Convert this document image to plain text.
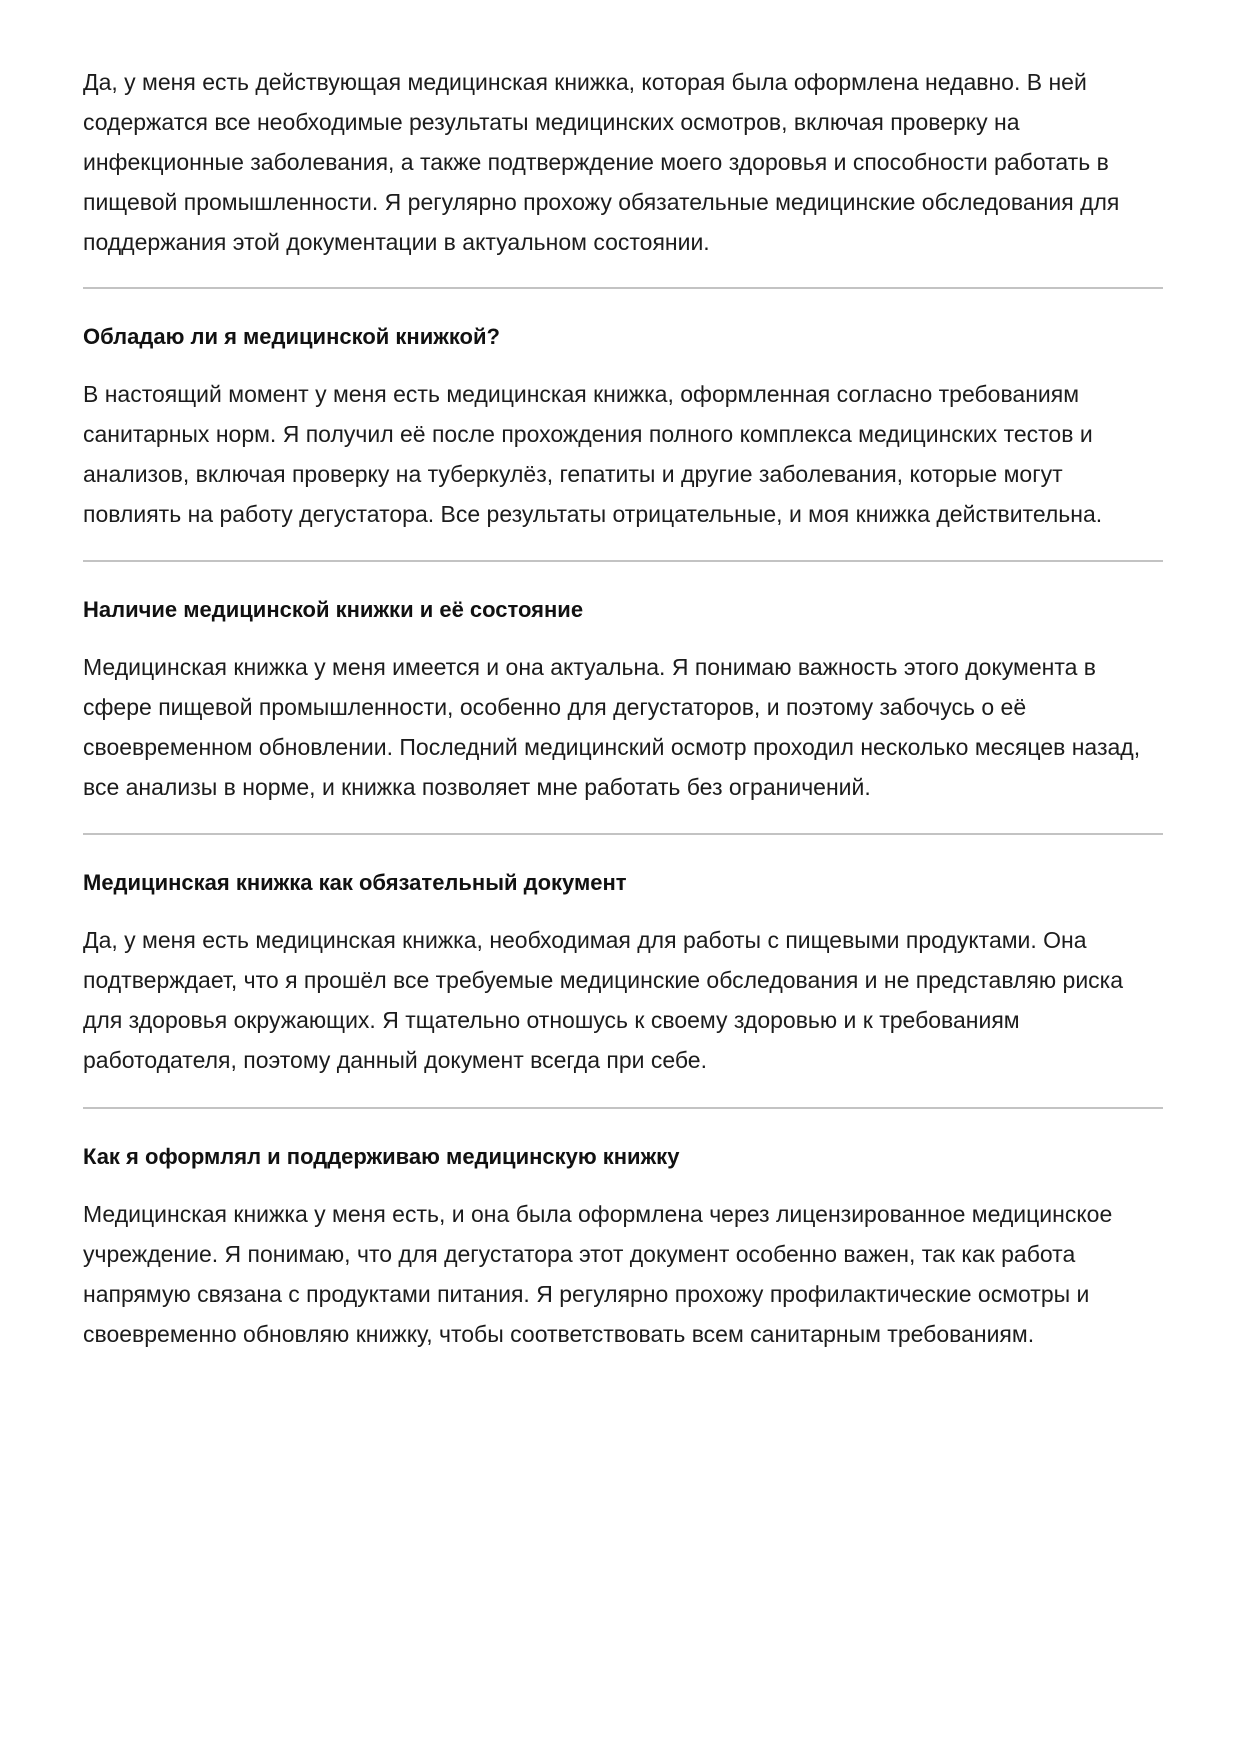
Да, у меня есть действующая медицинская книжка, которая была оформлена недавно. В ней содержатся все необходимые результаты медицинских осмотров, включая проверку на инфекционные заболевания, а также подтверждение моего здоровья и способности работать в пищевой промышленности. Я регулярно прохожу обязательные медицинские обследования для поддержания этой документации в актуальном состоянии.

Обладаю ли я медицинской книжкой?

В настоящий момент у меня есть медицинская книжка, оформленная согласно требованиям санитарных норм. Я получил её после прохождения полного комплекса медицинских тестов и анализов, включая проверку на туберкулёз, гепатиты и другие заболевания, которые могут повлиять на работу дегустатора. Все результаты отрицательные, и моя книжка действительна.

Наличие медицинской книжки и её состояние

Медицинская книжка у меня имеется и она актуальна. Я понимаю важность этого документа в сфере пищевой промышленности, особенно для дегустаторов, и поэтому забочусь о её своевременном обновлении. Последний медицинский осмотр проходил несколько месяцев назад, все анализы в норме, и книжка позволяет мне работать без ограничений.

Медицинская книжка как обязательный документ

Да, у меня есть медицинская книжка, необходимая для работы с пищевыми продуктами. Она подтверждает, что я прошёл все требуемые медицинские обследования и не представляю риска для здоровья окружающих. Я тщательно отношусь к своему здоровью и к требованиям работодателя, поэтому данный документ всегда при себе.

Как я оформлял и поддерживаю медицинскую книжку

Медицинская книжка у меня есть, и она была оформлена через лицензированное медицинское учреждение. Я понимаю, что для дегустатора этот документ особенно важен, так как работа напрямую связана с продуктами питания. Я регулярно прохожу профилактические осмотры и своевременно обновляю книжку, чтобы соответствовать всем санитарным требованиям.
